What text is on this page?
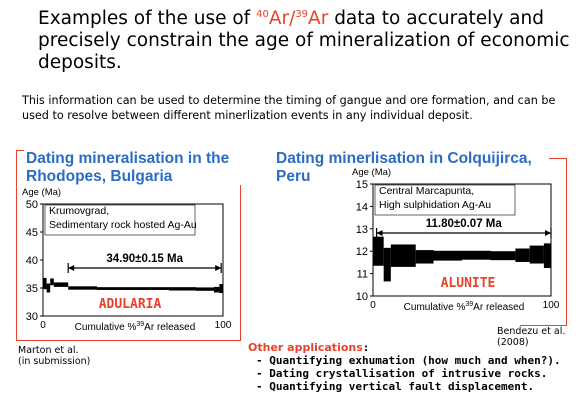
Examples of the use of $^{40}$Ar/$^{39}$Ar data to accurately and precisely constrain the age of mineralization of economic deposits.
This information can be used to determine the timing of gangue and ore formation, and can be used to resolve between different minerlization events in any individual deposit.
Dating mineralisation in the
Rhodopes, Bulgaria
Dating minerlisation in Colquijirca,
Peru
30
35
40
45
50
0	100
Age (Ma)
Cumulative %$^{39}$Ar released
Krumovgrad,
Sedimentary rock hosted Ag-Au
34.90±0.15 Ma
ADULARIA	10
11
12
13
14
15
0	100
Age (Ma)
Cumulative %$^{39}$Ar released
Central Marcapunta,
High sulphidation Ag-Au
11.80±0.07 Ma
ALUNITE
Marton et al.
(in submission)
Bendezu et al.
(2008)
Other applications:
- Quantifying exhumation (how much and when?).
- Dating crystallisation of intrusive rocks.
- Quantifying vertical fault displacement.
